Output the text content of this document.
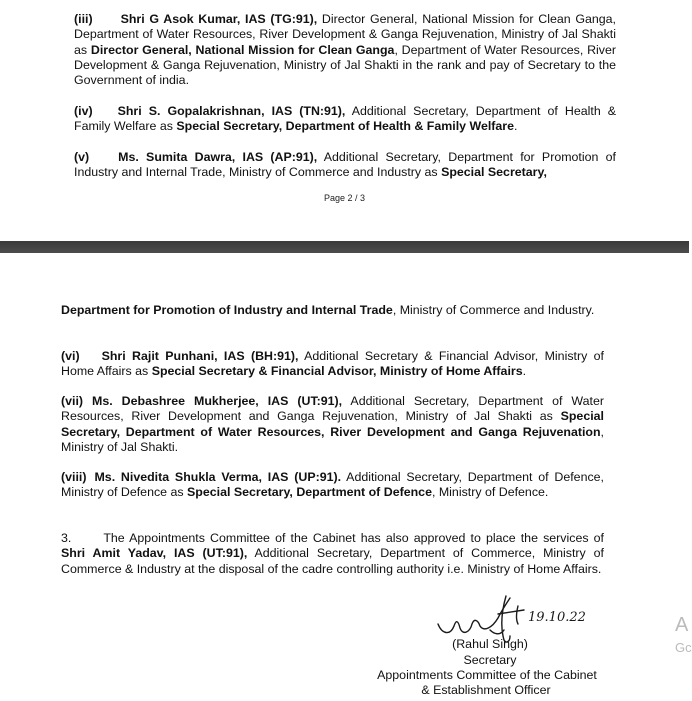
(iii) Shri G Asok Kumar, IAS (TG:91), Director General, National Mission for Clean Ganga, Department of Water Resources, River Development & Ganga Rejuvenation, Ministry of Jal Shakti as Director General, National Mission for Clean Ganga, Department of Water Resources, River Development & Ganga Rejuvenation, Ministry of Jal Shakti in the rank and pay of Secretary to the Government of india.

(iv) Shri S. Gopalakrishnan, IAS (TN:91), Additional Secretary, Department of Health & Family Welfare as Special Secretary, Department of Health & Family Welfare.

(v) Ms. Sumita Dawra, IAS (AP:91), Additional Secretary, Department for Promotion of Industry and Internal Trade, Ministry of Commerce and Industry as Special Secretary,

Page 2 / 3

Department for Promotion of Industry and Internal Trade, Ministry of Commerce and Industry.

(vi) Shri Rajit Punhani, IAS (BH:91), Additional Secretary & Financial Advisor, Ministry of Home Affairs as Special Secretary & Financial Advisor, Ministry of Home Affairs.

(vii) Ms. Debashree Mukherjee, IAS (UT:91), Additional Secretary, Department of Water Resources, River Development and Ganga Rejuvenation, Ministry of Jal Shakti as Special Secretary, Department of Water Resources, River Development and Ganga Rejuvenation, Ministry of Jal Shakti.

(viii) Ms. Nivedita Shukla Verma, IAS (UP:91). Additional Secretary, Department of Defence, Ministry of Defence as Special Secretary, Department of Defence, Ministry of Defence.

3.	The Appointments Committee of the Cabinet has also approved to place the services of Shri Amit Yadav, IAS (UT:91), Additional Secretary, Department of Commerce, Ministry of Commerce & Industry at the disposal of the cadre controlling authority i.e. Ministry of Home Affairs.

19.10.22
(Rahul Singh)
Secretary
Appointments Committee of the Cabinet
& Establishment Officer
A
Gc
